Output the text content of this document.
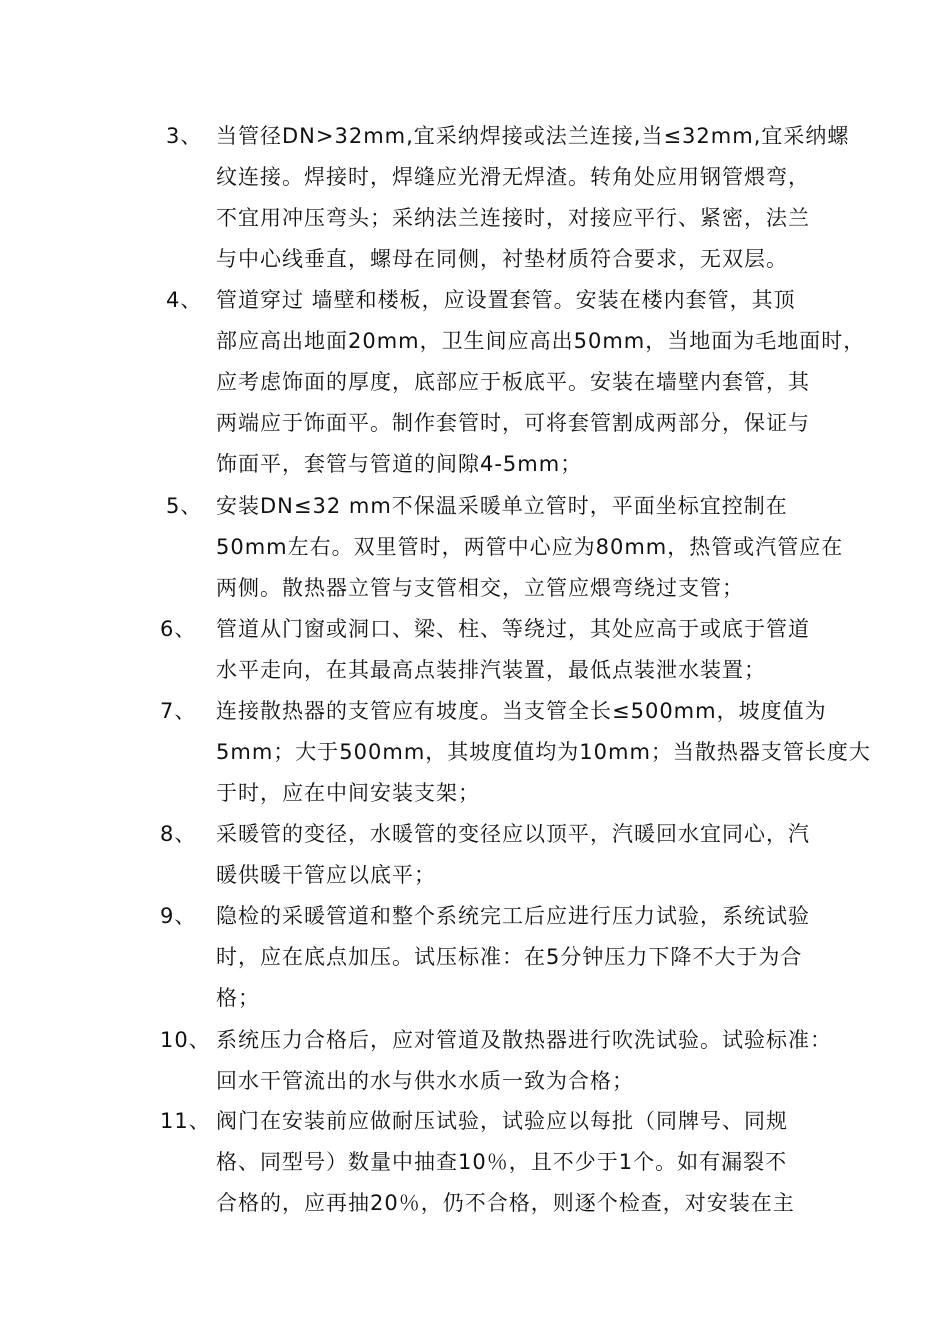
3、 当管径DN>32mm,宜采纳焊接或法兰连接,当≤32mm,宜采纳螺
纹连接。焊接时，焊缝应光滑无焊渣。转角处应用钢管煨弯，
不宜用冲压弯头；采纳法兰连接时，对接应平行、紧密，法兰
与中心线垂直，螺母在同侧，衬垫材质符合要求，无双层。
4、 管道穿过 墙壁和楼板，应设置套管。安装在楼内套管，其顶
部应高出地面20mm，卫生间应高出50mm，当地面为毛地面时，
应考虑饰面的厚度，底部应于板底平。安装在墙壁内套管，其
两端应于饰面平。制作套管时，可将套管割成两部分，保证与
饰面平，套管与管道的间隙4-5mm；
5、 安装DN≤32 mm不保温采暖单立管时，平面坐标宜控制在
50mm左右。双里管时，两管中心应为80mm，热管或汽管应在
两侧。散热器立管与支管相交，立管应煨弯绕过支管；
6、 管道从门窗或洞口、梁、柱、等绕过，其处应高于或底于管道
水平走向，在其最高点装排汽装置，最低点装泄水装置；
7、 连接散热器的支管应有坡度。当支管全长≤500mm，坡度值为
5mm；大于500mm，其坡度值均为10mm；当散热器支管长度大
于时，应在中间安装支架；
8、 采暖管的变径，水暖管的变径应以顶平，汽暖回水宜同心，汽
暖供暖干管应以底平；
9、 隐检的采暖管道和整个系统完工后应进行压力试验，系统试验
时，应在底点加压。试压标准：在5分钟压力下降不大于为合
格；
10、 系统压力合格后，应对管道及散热器进行吹洗试验。试验标准：
回水干管流出的水与供水水质一致为合格；
11、 阀门在安装前应做耐压试验，试验应以每批（同牌号、同规
格、同型号）数量中抽查10％，且不少于1个。如有漏裂不
合格的，应再抽20％，仍不合格，则逐个检查，对安装在主
